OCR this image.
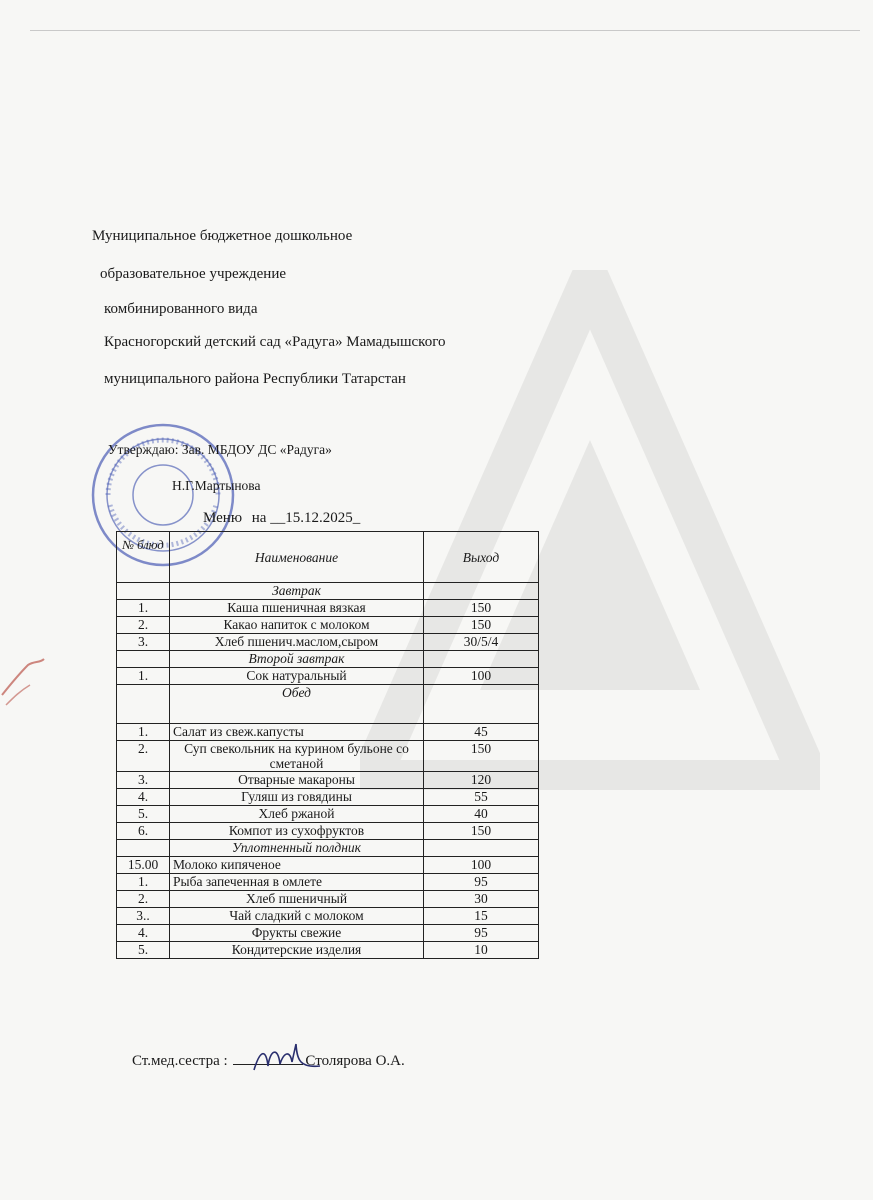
Муниципальное бюджетное дошкольное
образовательное учреждение
комбинированного вида
Красногорский детский сад «Радуга» Мамадышского
муниципального района Республики Татарстан
Утверждаю: Зав. МБДОУ ДС «Радуга»
Н.Г.Мартынова
Меню на __15.12.2025_
№ блюд	Наименование	Выход
	Завтрак	
1.	Каша пшеничная вязкая	150
2.	Какао напиток с молоком	150
3.	Хлеб пшенич.маслом,сыром	30/5/4
	Второй завтрак	
1.	Сок натуральный	100
	Обед	
1.	Салат из свеж.капусты	45
2.	Суп свекольник на курином бульоне со сметаной	150
3.	Отварные макароны	120
4.	Гуляш из говядины	55
5.	Хлеб ржаной	40
6.	Компот из сухофруктов	150
	Уплотненный полдник	
15.00	Молоко кипяченое	100
1.	Рыба запеченная в омлете	95
2.	Хлеб пшеничный	30
3..	Чай сладкий с молоком	15
4.	Фрукты свежие	95
5.	Кондитерские изделия	10
Ст.мед.сестра :	Столярова О.А.
